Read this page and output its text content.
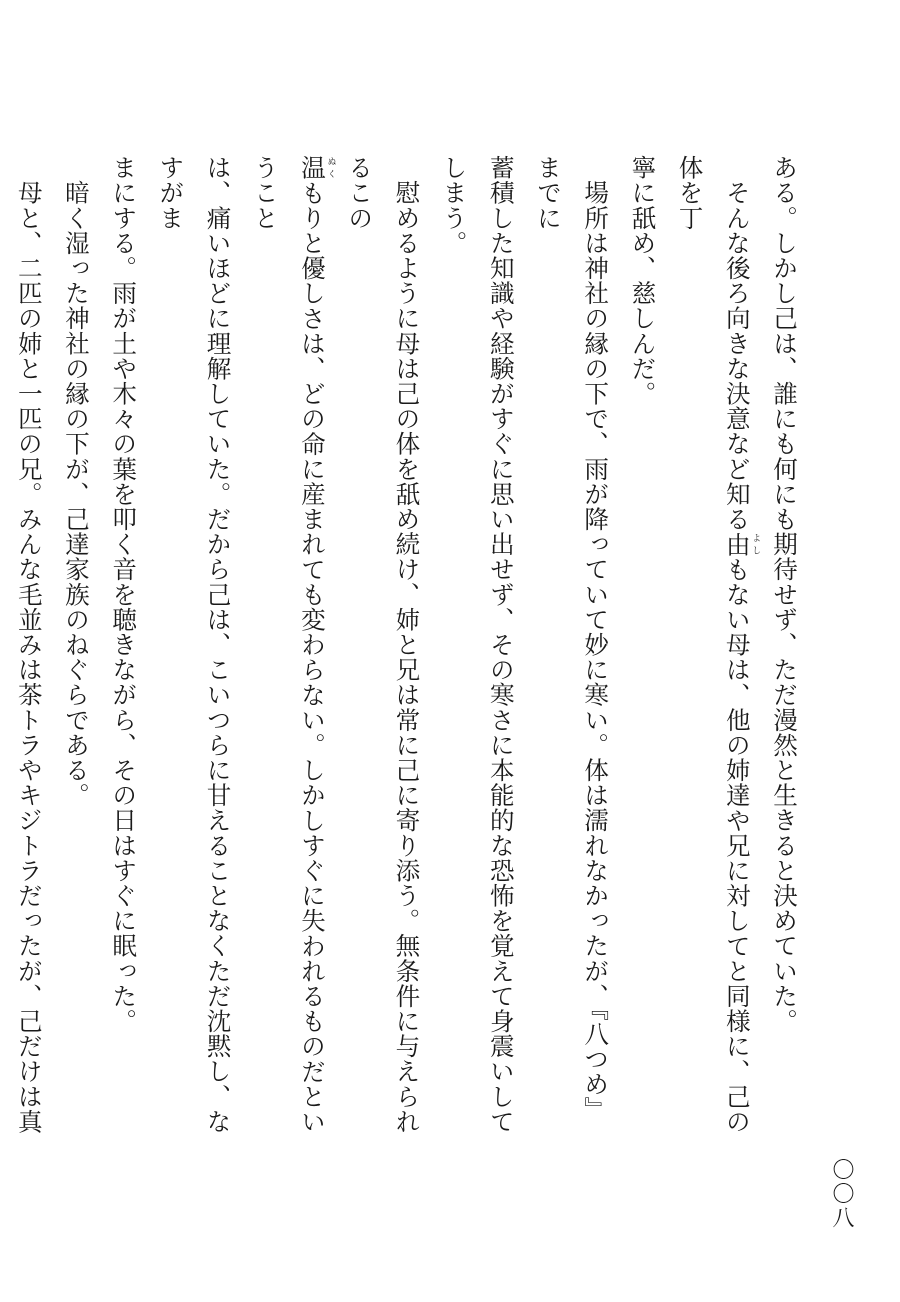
ある。しかし己は、誰にも何にも期待せず、ただ漫然と生きると決めていた。
　そんな後ろ向きな決意など知る由よしもない母は、他の姉達や兄に対してと同様に、己の体を丁
寧に舐め、慈しんだ。
　場所は神社の縁の下で、雨が降っていて妙に寒い。体は濡れなかったが、『八つめ』までに
蓄積した知識や経験がすぐに思い出せず、その寒さに本能的な恐怖を覚えて身震いしてしまう。
　慰めるように母は己の体を舐め続け、姉と兄は常に己に寄り添う。無条件に与えられるこの
温ぬくもりと優しさは、どの命に産まれても変わらない。しかしすぐに失われるものだということ
は、痛いほどに理解していた。だから己は、こいつらに甘えることなくただ沈黙し、なすがま
まにする。雨が土や木々の葉を叩く音を聴きながら、その日はすぐに眠った。
　暗く湿った神社の縁の下が、己達家族のねぐらである。
　母と、二匹の姉と一匹の兄。みんな毛並みは茶トラやキジトラだったが、己だけは真
〇〇八
